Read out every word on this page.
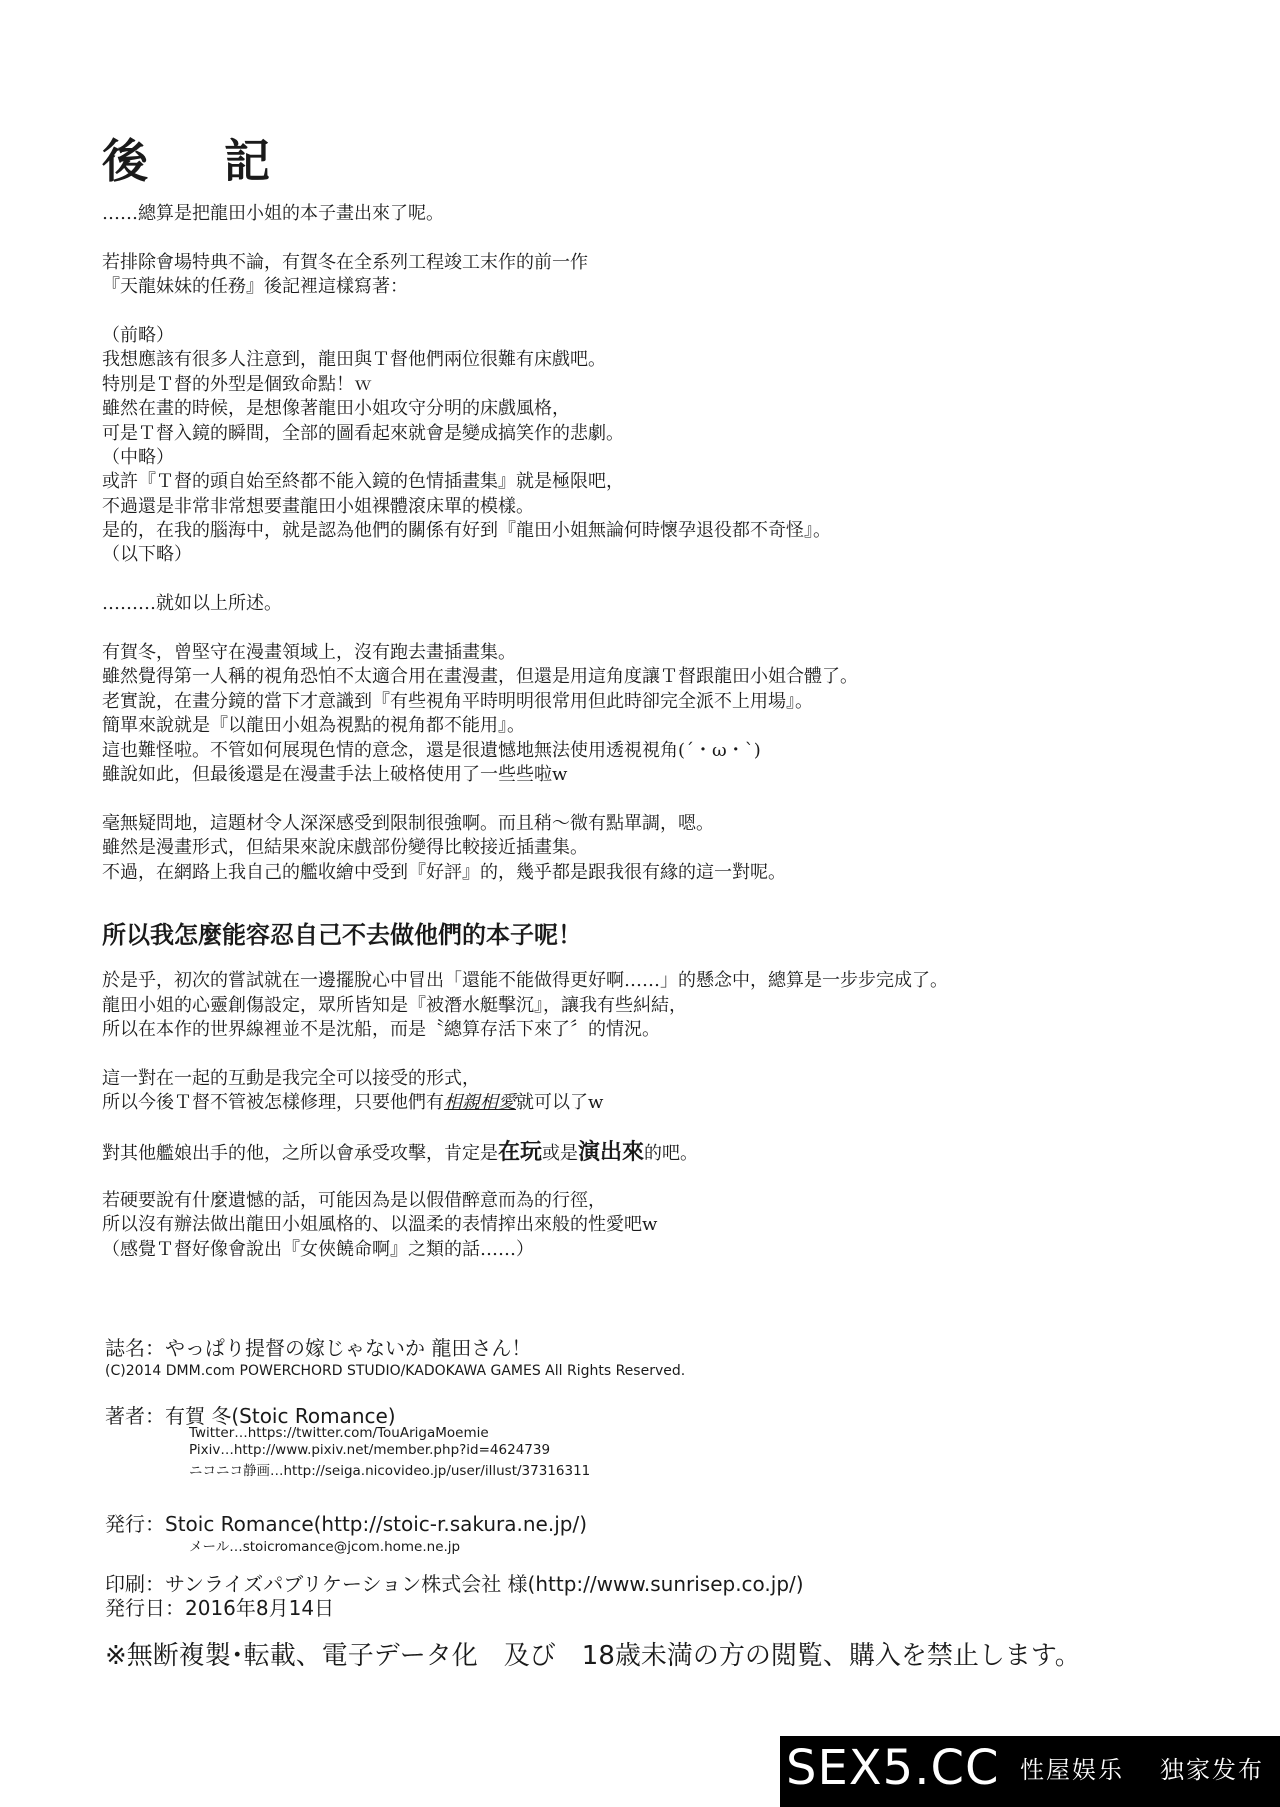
後 記
……總算是把龍田小姐的本子畫出來了呢。
若排除會場特典不論，有賀冬在全系列工程竣工末作的前一作
『天龍妹妹的任務』後記裡這樣寫著：
（前略）
我想應該有很多人注意到，龍田與Ｔ督他們兩位很難有床戲吧。
特別是Ｔ督的外型是個致命點！ｗ
雖然在畫的時候，是想像著龍田小姐攻守分明的床戲風格，
可是Ｔ督入鏡的瞬間，全部的圖看起來就會是變成搞笑作的悲劇。
（中略）
或許『Ｔ督的頭自始至終都不能入鏡的色情插畫集』就是極限吧，
不過還是非常非常想要畫龍田小姐裸體滾床單的模樣。
是的，在我的腦海中，就是認為他們的關係有好到『龍田小姐無論何時懷孕退役都不奇怪』。
（以下略）
………就如以上所述。
有賀冬，曾堅守在漫畫領域上，沒有跑去畫插畫集。
雖然覺得第一人稱的視角恐怕不太適合用在畫漫畫，但還是用這角度讓Ｔ督跟龍田小姐合體了。
老實說，在畫分鏡的當下才意識到『有些視角平時明明很常用但此時卻完全派不上用場』。
簡單來說就是『以龍田小姐為視點的視角都不能用』。
這也難怪啦。不管如何展現色情的意念，還是很遺憾地無法使用透視視角(´・ω・`)
雖說如此，但最後還是在漫畫手法上破格使用了一些些啦w
毫無疑問地，這題材令人深深感受到限制很強啊。而且稍～微有點單調，嗯。
雖然是漫畫形式，但結果來說床戲部份變得比較接近插畫集。
不過，在網路上我自己的艦收繪中受到『好評』的，幾乎都是跟我很有緣的這一對呢。
所以我怎麼能容忍自己不去做他們的本子呢！
於是乎，初次的嘗試就在一邊擺脫心中冒出「還能不能做得更好啊……」的懸念中，總算是一步步完成了。
龍田小姐的心靈創傷設定，眾所皆知是『被潛水艇擊沉』，讓我有些糾結，
所以在本作的世界線裡並不是沈船，而是〝總算存活下來了〞的情況。
這一對在一起的互動是我完全可以接受的形式，
所以今後Ｔ督不管被怎樣修理，只要他們有相親相愛就可以了w
對其他艦娘出手的他，之所以會承受攻擊，肯定是在玩或是演出來的吧。
若硬要說有什麼遺憾的話，可能因為是以假借醉意而為的行徑，
所以沒有辦法做出龍田小姐風格的、以溫柔的表情搾出來般的性愛吧w
（感覺Ｔ督好像會說出『女俠饒命啊』之類的話……）
誌名：やっぱり提督の嫁じゃないか 龍田さん！
(C)2014 DMM.com POWERCHORD STUDIO/KADOKAWA GAMES All Rights Reserved.
著者：有賀 冬(Stoic Romance)
Twitter…https://twitter.com/TouArigaMoemie
Pixiv…http://www.pixiv.net/member.php?id=4624739
ニコニコ静画…http://seiga.nicovideo.jp/user/illust/37316311
発行：Stoic Romance(http://stoic-r.sakura.ne.jp/)
メール…stoicromance@jcom.home.ne.jp
印刷：サンライズパブリケーション株式会社 様(http://www.sunrisep.co.jp/)
発行日：2016年8月14日
※無断複製･転載、電子データ化　及び　18歳未満の方の閲覧、購入を禁止します。
SEX5.CC 性屋娱乐 独家发布
